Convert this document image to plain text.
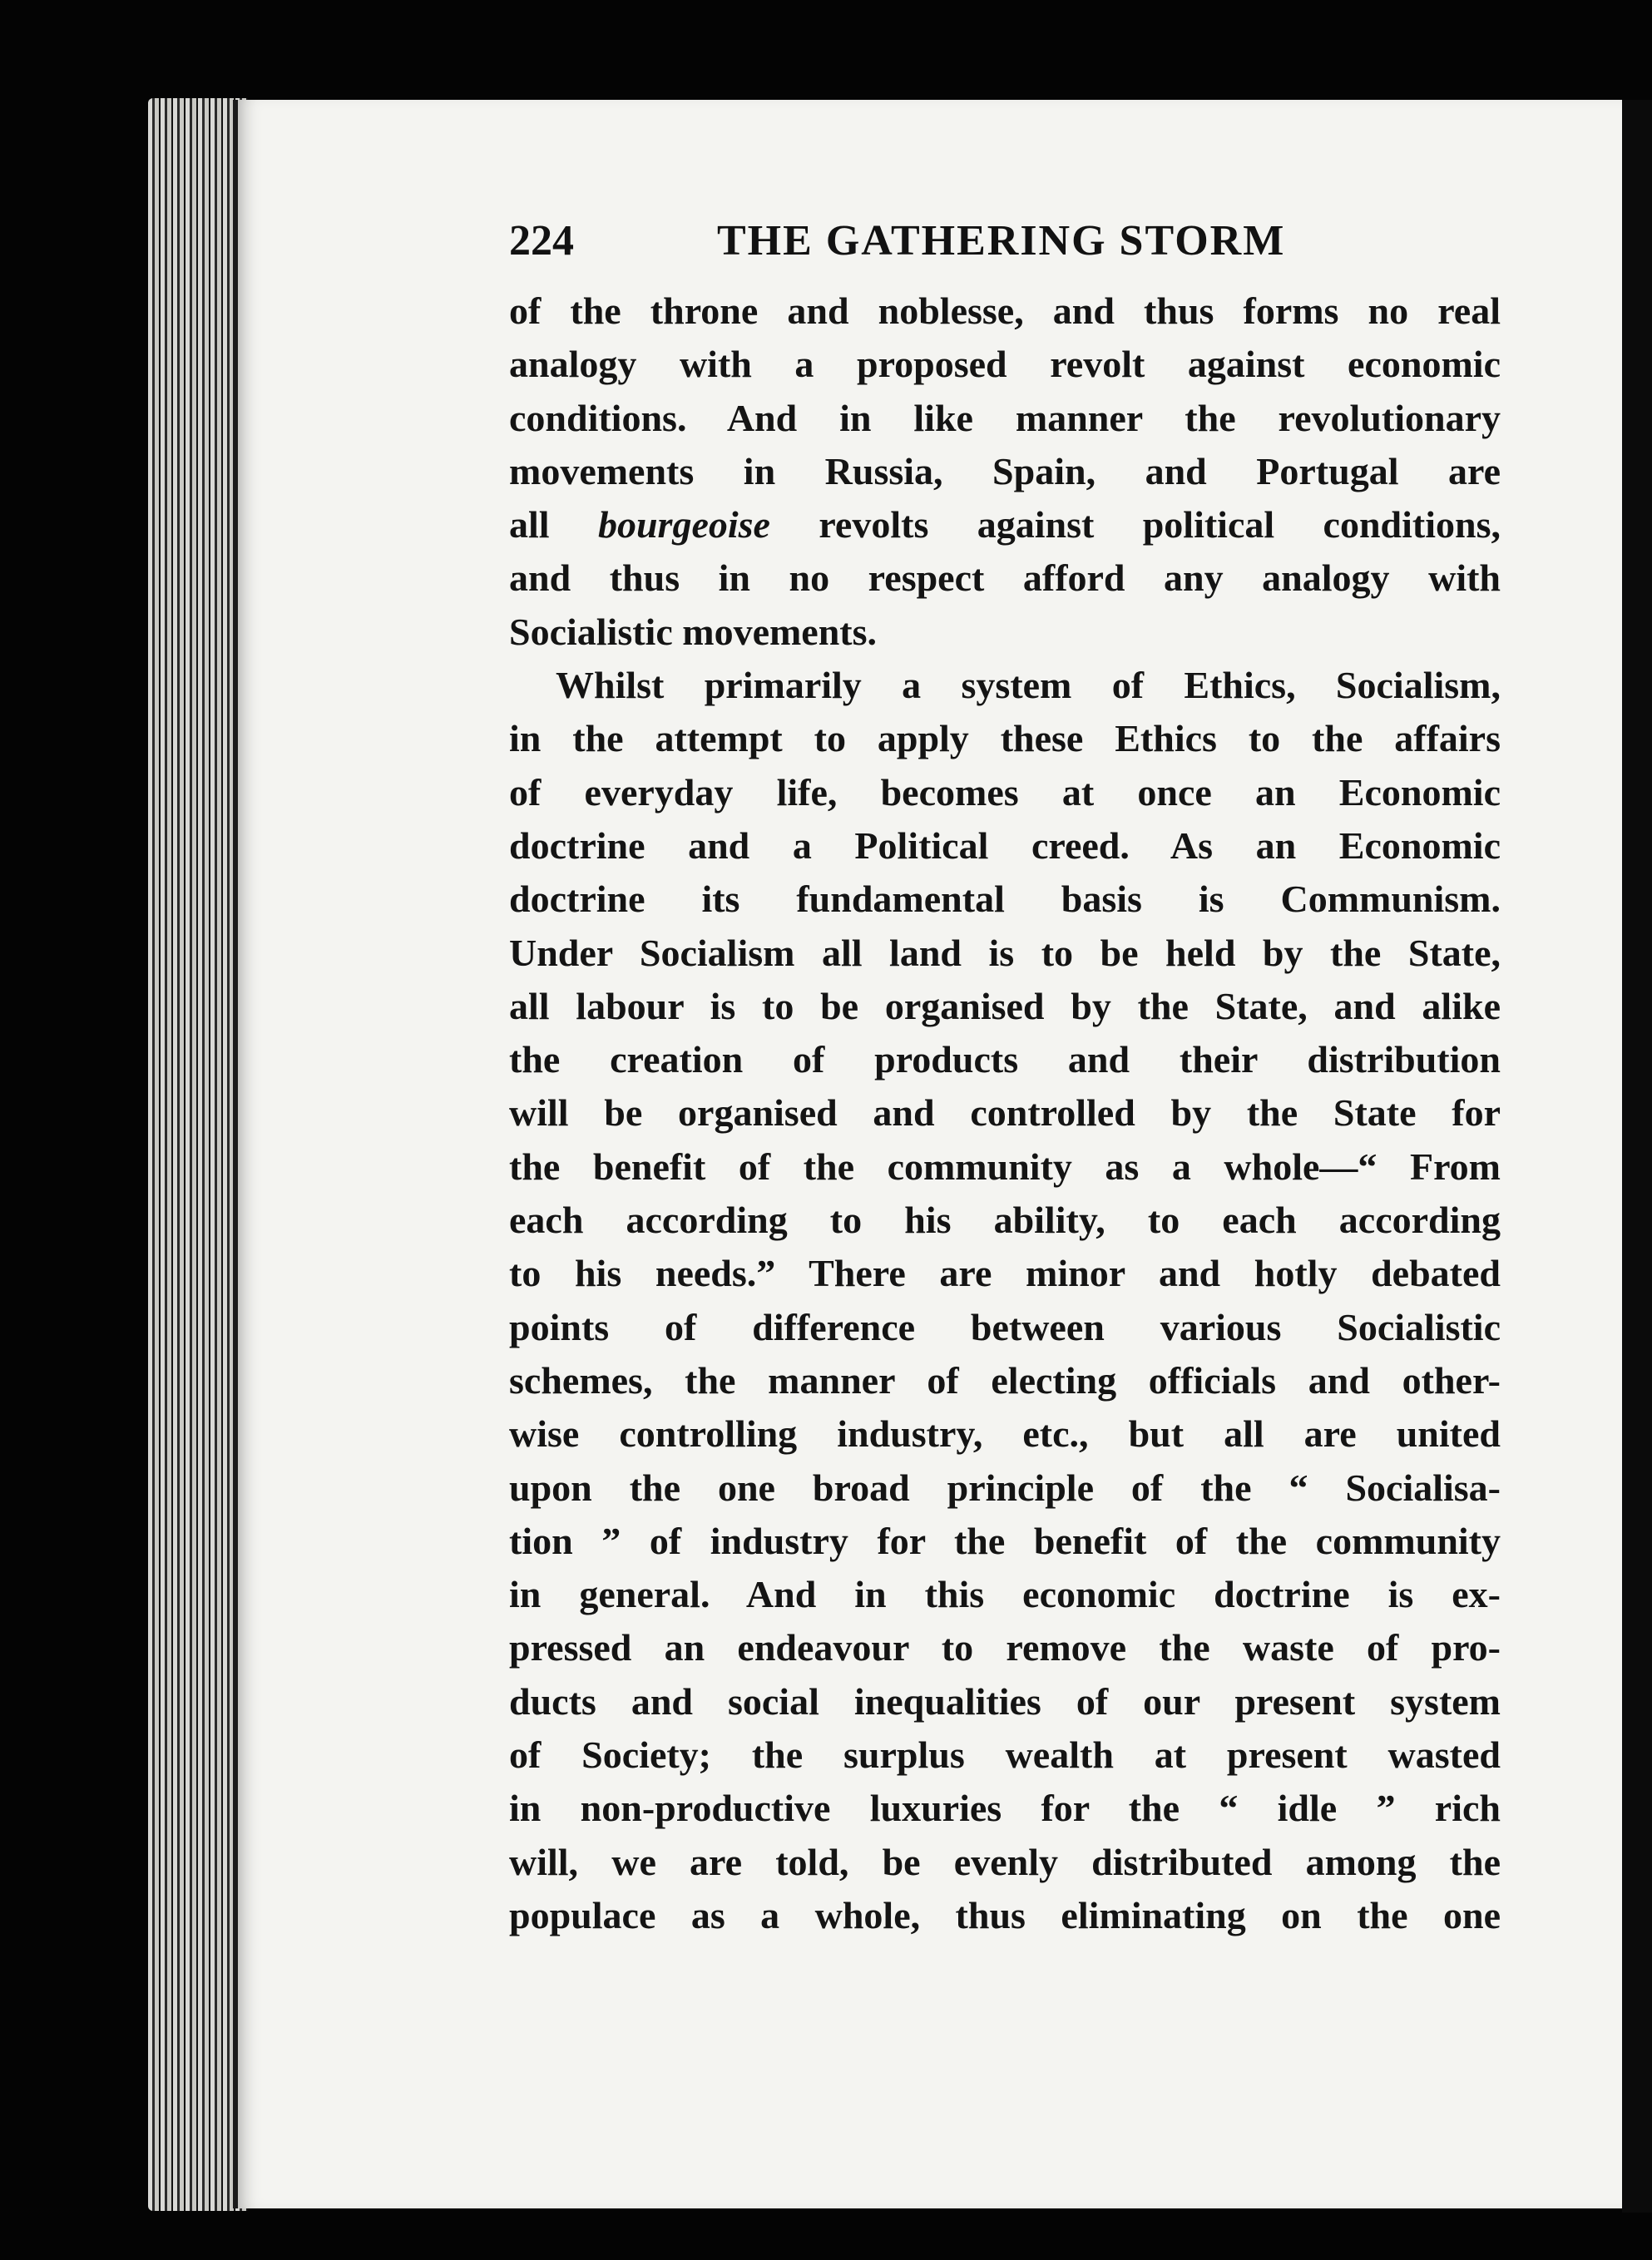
224	THE GATHERING STORM
of the throne and noblesse, and thus forms no real
analogy with a proposed revolt against economic
conditions. And in like manner the revolutionary
movements in Russia, Spain, and Portugal are
all bourgeoise revolts against political conditions,
and thus in no respect afford any analogy with
Socialistic movements.
Whilst primarily a system of Ethics, Socialism,
in the attempt to apply these Ethics to the affairs
of everyday life, becomes at once an Economic
doctrine and a Political creed. As an Economic
doctrine its fundamental basis is Communism.
Under Socialism all land is to be held by the State,
all labour is to be organised by the State, and alike
the creation of products and their distribution
will be organised and controlled by the State for
the benefit of the community as a whole—“ From
each according to his ability, to each according
to his needs.” There are minor and hotly debated
points of difference between various Socialistic
schemes, the manner of electing officials and other-
wise controlling industry, etc., but all are united
upon the one broad principle of the “ Socialisa-
tion ” of industry for the benefit of the community
in general. And in this economic doctrine is ex-
pressed an endeavour to remove the waste of pro-
ducts and social inequalities of our present system
of Society; the surplus wealth at present wasted
in non-productive luxuries for the “ idle ” rich
will, we are told, be evenly distributed among the
populace as a whole, thus eliminating on the one
